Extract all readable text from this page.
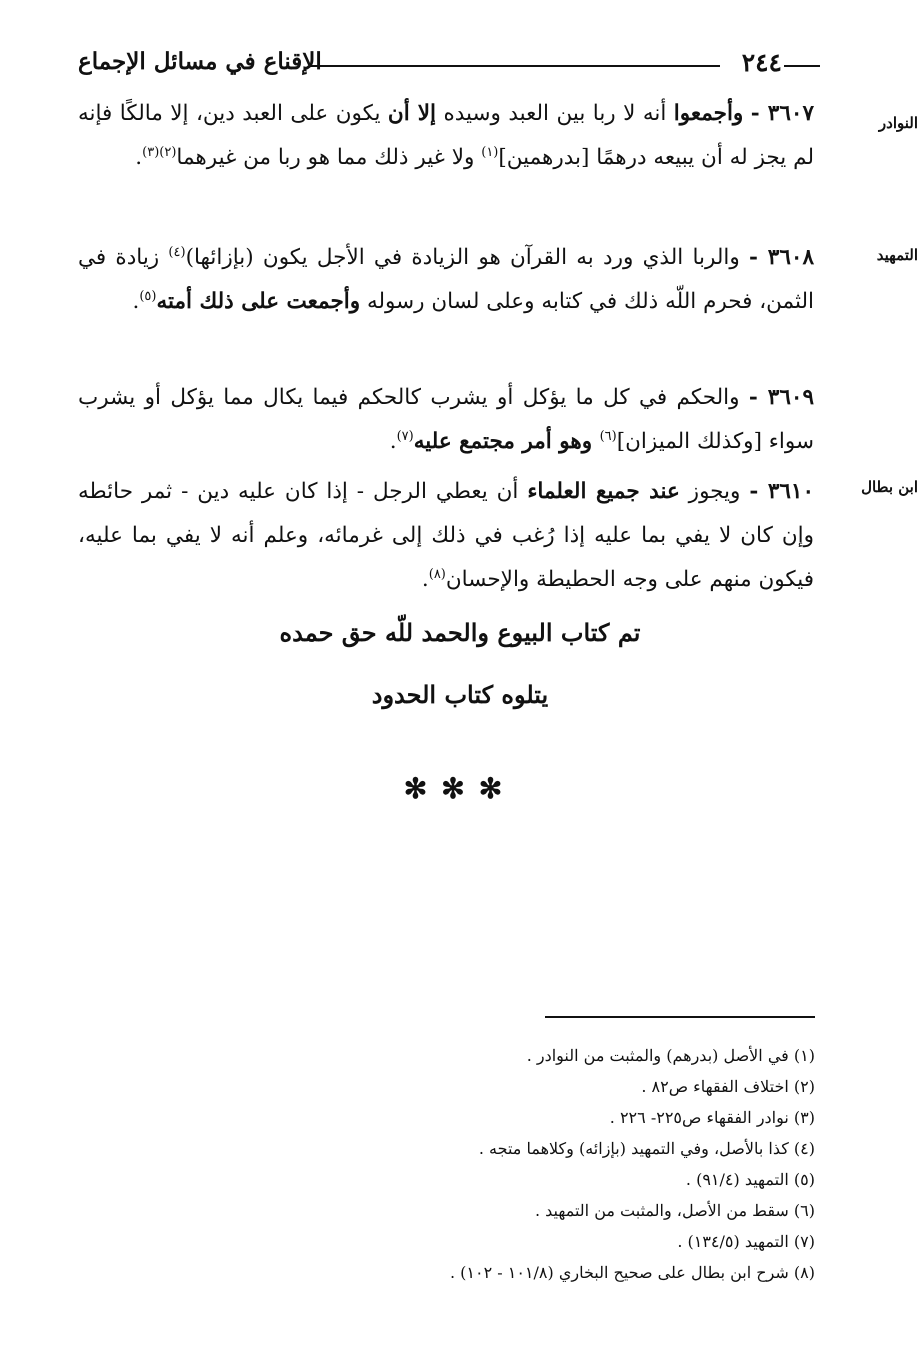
٢٤٤
الإقناع في مسائل الإجماع
النوادر
التمهيد
ابن بطال
٣٦٠٧ - وأجمعوا أنه لا ربا بين العبد وسيده إلا أن يكون على العبد دين، إلا مالكًا فإنه لم يجز له أن يبيعه درهمًا [بدرهمين]$^{(١)}$ ولا غير ذلك مما هو ربا من غيرهما$^{(٢)(٣)}$.
٣٦٠٨ - والربا الذي ورد به القرآن هو الزيادة في الأجل يكون (بإزائها)$^{(٤)}$ زيادة في الثمن، فحرم اللّه ذلك في كتابه وعلى لسان رسوله وأجمعت على ذلك أمته$^{(٥)}$.
٣٦٠٩ - والحكم في كل ما يؤكل أو يشرب كالحكم فيما يكال مما يؤكل أو يشرب سواء [وكذلك الميزان]$^{(٦)}$ وهو أمر مجتمع عليه$^{(٧)}$.
٣٦١٠ - ويجوز عند جميع العلماء أن يعطي الرجل - إذا كان عليه دين - ثمر حائطه وإن كان لا يفي بما عليه إذا رُغب في ذلك إلى غرمائه، وعلم أنه لا يفي بما عليه، فيكون منهم على وجه الحطيطة والإحسان$^{(٨)}$.
تم كتاب البيوع والحمد للّه حق حمده
يتلوه كتاب الحدود
✻✻✻
(١) في الأصل (بدرهم) والمثبت من النوادر .
(٢) اختلاف الفقهاء ص٨٢ .
(٣) نوادر الفقهاء ص٢٢٥- ٢٢٦ .
(٤) كذا بالأصل، وفي التمهيد (بإزائه) وكلاهما متجه .
(٥) التمهيد (٩١/٤) .
(٦) سقط من الأصل، والمثبت من التمهيد .
(٧) التمهيد (١٣٤/٥) .
(٨) شرح ابن بطال على صحيح البخاري (١٠١/٨ - ١٠٢) .
